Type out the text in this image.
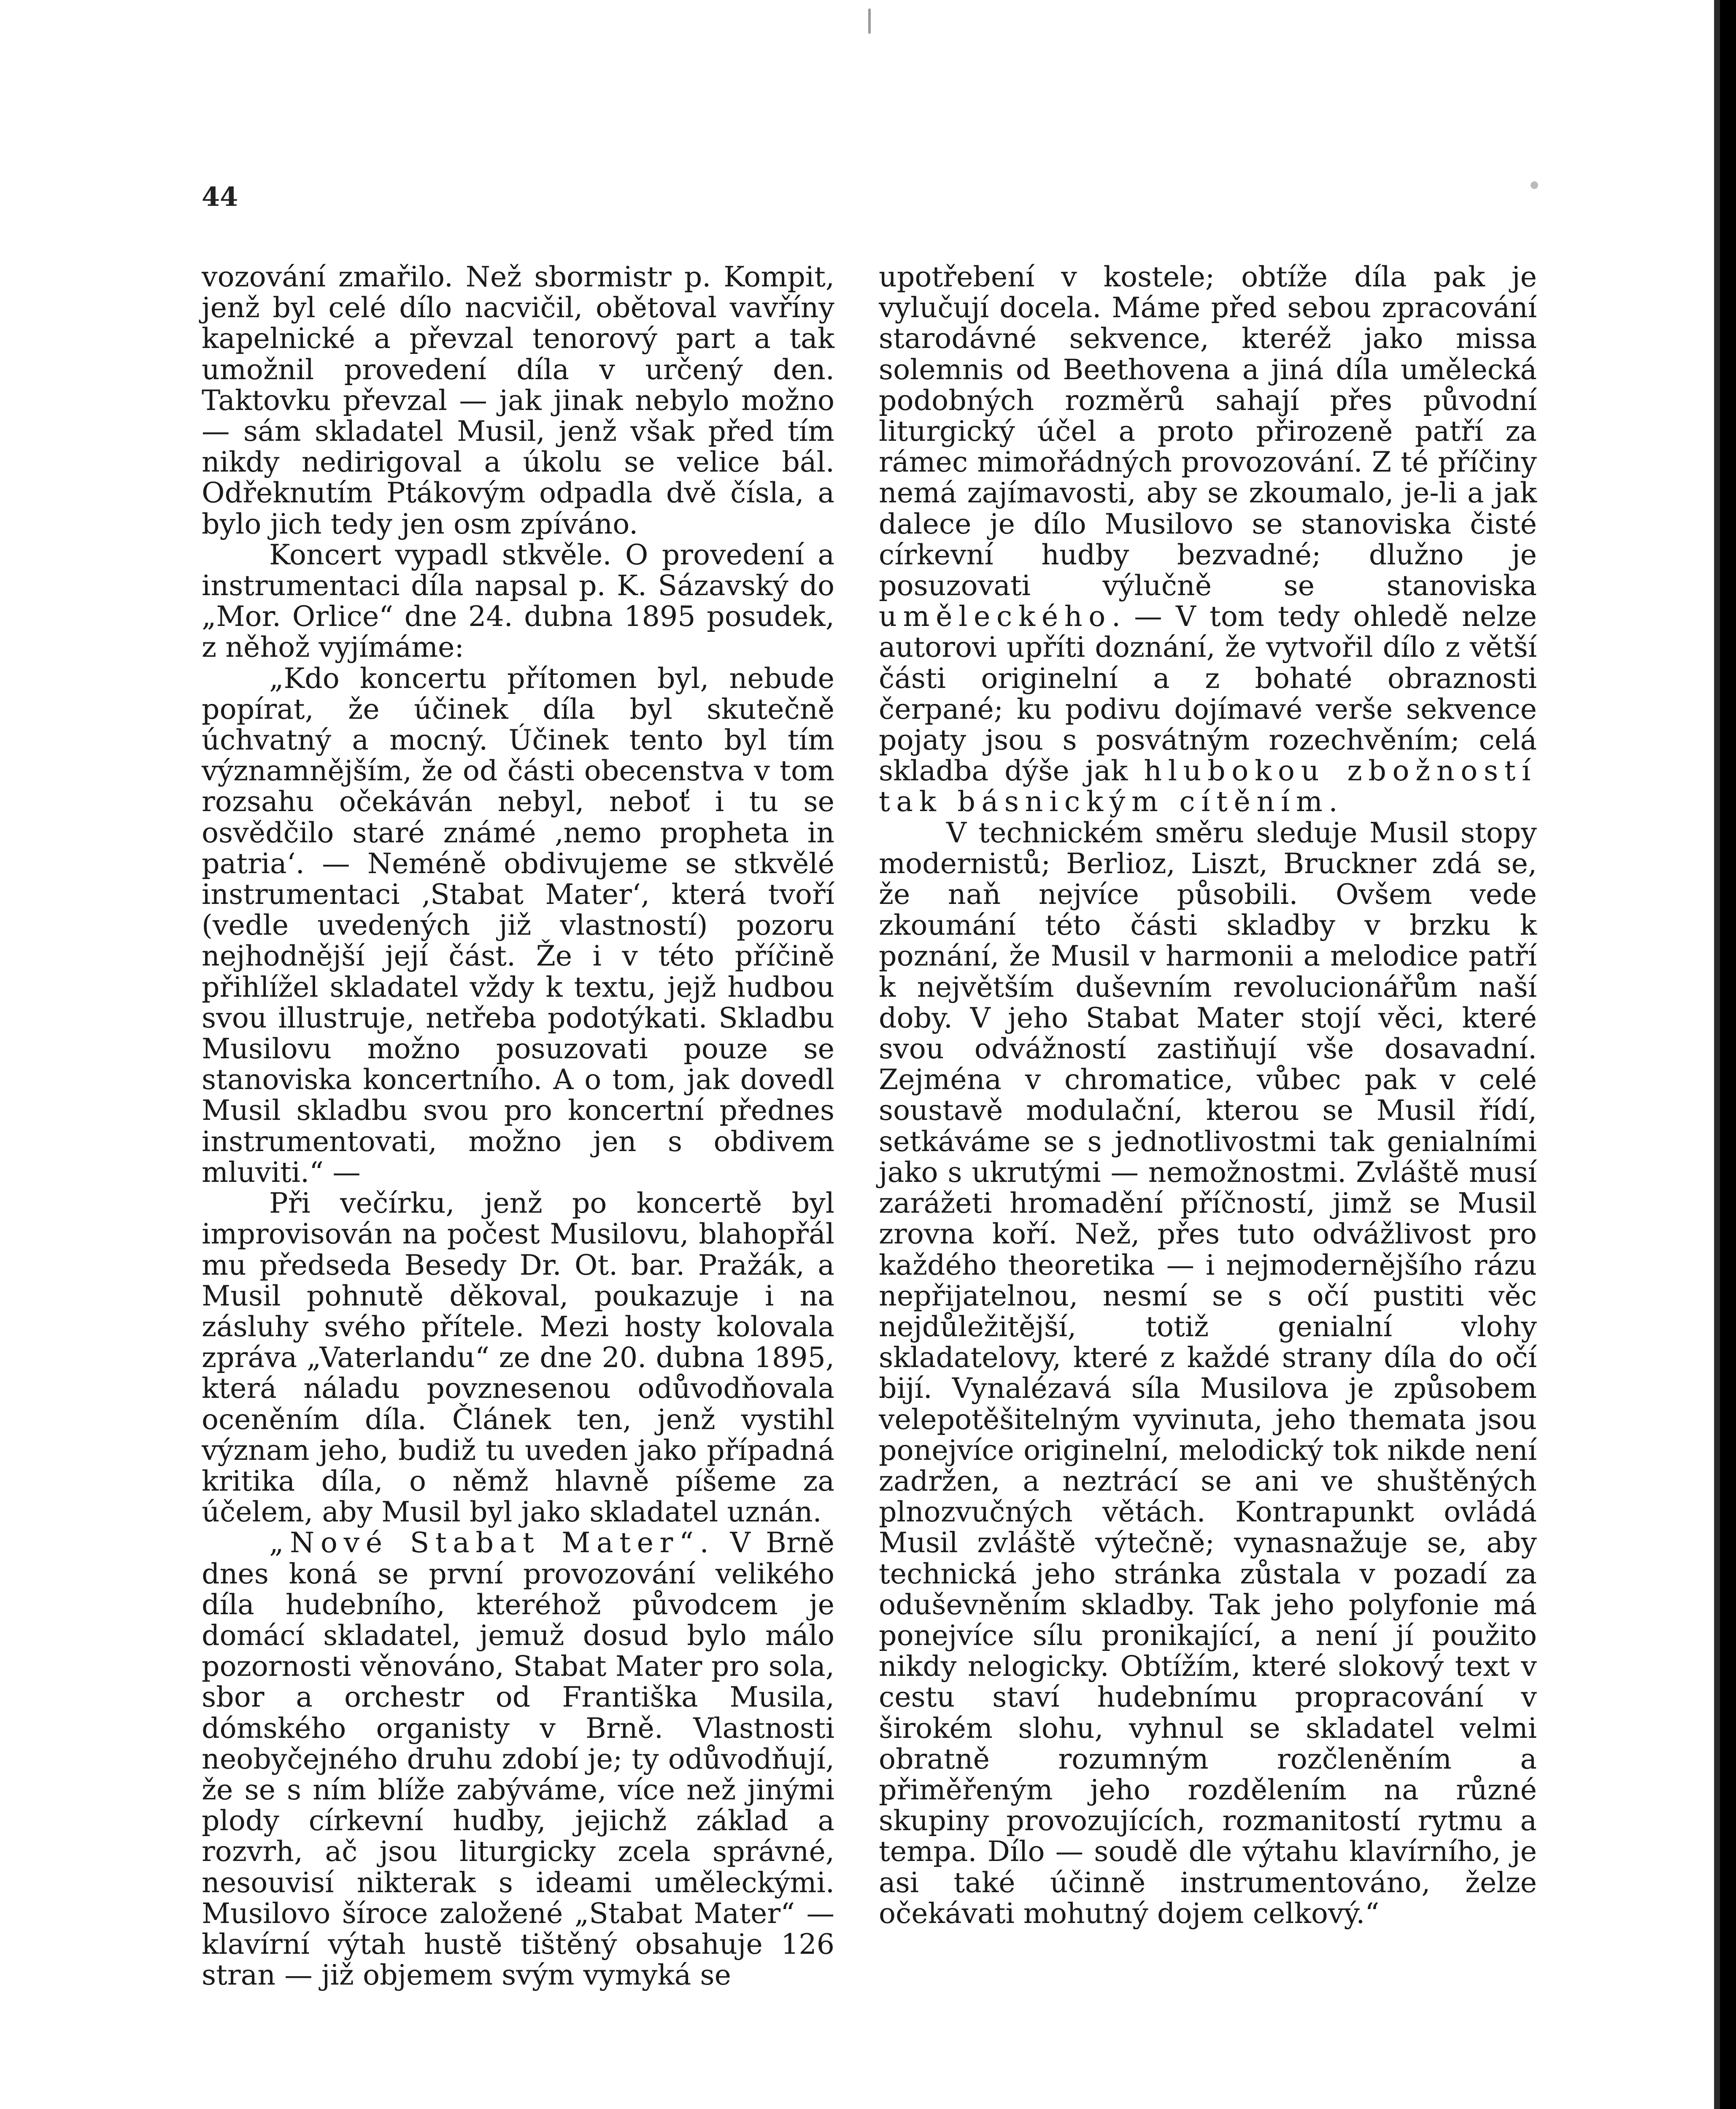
44

vozování zmařilo. Než sbormistr p. Kompit, jenž byl celé dílo nacvičil, obětoval vavříny kapelnické a převzal tenorový part a tak umožnil provedení díla v určený den. Taktovku převzal — jak jinak nebylo možno — sám skladatel Musil, jenž však před tím nikdy nedirigoval a úkolu se velice bál. Odřeknutím Ptákovým odpadla dvě čísla, a bylo jich tedy jen osm zpíváno.

Koncert vypadl stkvěle. O provedení a instrumentaci díla napsal p. K. Sázavský do „Mor. Orlice“ dne 24. dubna 1895 posudek, z něhož vyjímáme:

„Kdo koncertu přítomen byl, nebude popírat, že účinek díla byl skutečně úchvatný a mocný. Účinek tento byl tím významnějším, že od části obecenstva v tom rozsahu očekáván nebyl, neboť i tu se osvědčilo staré známé ‚nemo propheta in patria‘. — Neméně obdivujeme se stkvělé instrumentaci ‚Stabat Mater‘, která tvoří (vedle uvedených již vlastností) pozoru nejhodnější její část. Že i v této příčině přihlížel skladatel vždy k textu, jejž hudbou svou illustruje, netřeba podotýkati. Skladbu Musilovu možno posuzovati pouze se stanoviska koncertního. A o tom, jak dovedl Musil skladbu svou pro koncertní přednes instrumentovati, možno jen s obdivem mluviti.“ —

Při večírku, jenž po koncertě byl improvisován na počest Musilovu, blahopřál mu předseda Besedy Dr. Ot. bar. Pražák, a Musil pohnutě děkoval, poukazuje i na zásluhy svého přítele. Mezi hosty kolovala zpráva „Vaterlandu“ ze dne 20. dubna 1895, která náladu povznesenou odůvodňovala oceněním díla. Článek ten, jenž vystihl význam jeho, budiž tu uveden jako případná kritika díla, o němž hlavně píšeme za účelem, aby Musil byl jako skladatel uznán.

„Nové Stabat Mater“. V Brně dnes koná se první provozování velikého díla hudebního, kteréhož původcem je domácí skladatel, jemuž dosud bylo málo pozornosti věnováno, Stabat Mater pro sola, sbor a orchestr od Františka Musila, dómského organisty v Brně. Vlastnosti neobyčejného druhu zdobí je; ty odůvodňují, že se s ním blíže zabýváme, více než jinými plody církevní hudby, jejichž základ a rozvrh, ač jsou liturgicky zcela správné, nesouvisí nikterak s ideami uměleckými. Musilovo šíroce založené „Stabat Mater“ — klavírní výtah hustě tištěný obsahuje 126 stran — již objemem svým vymyká se

upotřebení v kostele; obtíže díla pak je vylučují docela. Máme před sebou zpracování starodávné sekvence, kteréž jako missa solemnis od Beethovena a jiná díla umělecká podobných rozměrů sahají přes původní liturgický účel a proto přirozeně patří za rámec mimořádných provozování. Z té příčiny nemá zajímavosti, aby se zkoumalo, je-li a jak dalece je dílo Musilovo se stanoviska čisté církevní hudby bezvadné; dlužno je posuzovati výlučně se stanoviska uměleckého. — V tom tedy ohledě nelze autorovi upříti doznání, že vytvořil dílo z větší části originelní a z bohaté obraznosti čerpané; ku podivu dojímavé verše sekvence pojaty jsou s posvátným rozechvěním; celá skladba dýše jak hlubokou zbožností tak básnickým cítěním.

V technickém směru sleduje Musil stopy modernistů; Berlioz, Liszt, Bruckner zdá se, že naň nejvíce působili. Ovšem vede zkoumání této části skladby v brzku k poznání, že Musil v harmonii a melodice patří k největším duševním revolucionářům naší doby. V jeho Stabat Mater stojí věci, které svou odvážností zastiňují vše dosavadní. Zejména v chromatice, vůbec pak v celé soustavě modulační, kterou se Musil řídí, setkáváme se s jednotlivostmi tak genialními jako s ukrutými — nemožnostmi. Zvláště musí zarážeti hromadění příčností, jimž se Musil zrovna koří. Než, přes tuto odvážlivost pro každého theoretika — i nejmodernějšího rázu nepřijatelnou, nesmí se s očí pustiti věc nejdůležitější, totiž genialní vlohy skladatelovy, které z každé strany díla do očí bijí. Vynalézavá síla Musilova je způsobem velepotěšitelným vyvinuta, jeho themata jsou ponejvíce originelní, melodický tok nikde není zadržen, a neztrácí se ani ve shuštěných plnozvučných větách. Kontrapunkt ovládá Musil zvláště výtečně; vynasnažuje se, aby technická jeho stránka zůstala v pozadí za oduševněním skladby. Tak jeho polyfonie má ponejvíce sílu pronikající, a není jí použito nikdy nelogicky. Obtížím, které slokový text v cestu staví hudebnímu propracování v širokém slohu, vyhnul se skladatel velmi obratně rozumným rozčleněním a přiměřeným jeho rozdělením na různé skupiny provozujících, rozmanitostí rytmu a tempa. Dílo — soudě dle výtahu klavírního, je asi také účinně instrumentováno, želze očekávati mohutný dojem celkový.“
